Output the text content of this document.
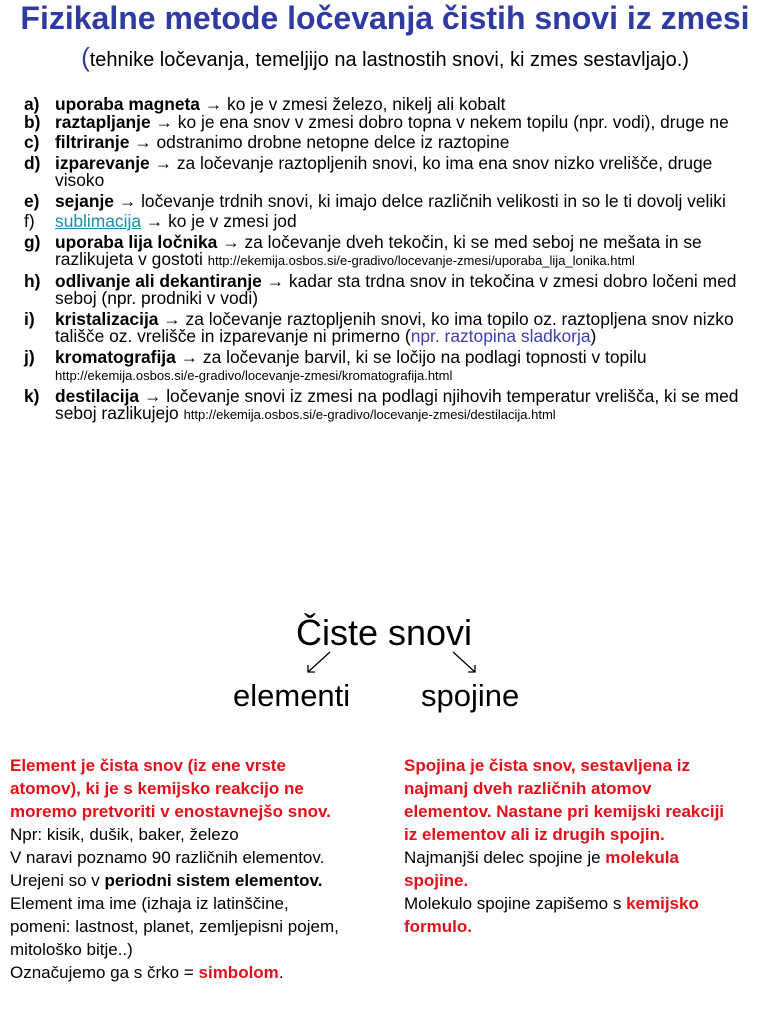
Fizikalne metode ločevanja čistih snovi iz zmesi (tehnike ločevanja, temeljijo na lastnostih snovi, ki zmes sestavljajo.)
a) uporaba magneta → ko je v zmesi železo, nikelj ali kobalt
b) raztapljanje → ko je ena snov v zmesi dobro topna v nekem topilu (npr. vodi), druge ne
c) filtriranje → odstranimo drobne netopne delce iz raztopine
d) izparevanje → za ločevanje raztopljenih snovi, ko ima ena snov nizko vrelišče, druge visoko
e) sejanje → ločevanje trdnih snovi, ki imajo delce različnih velikosti in so le ti dovolj veliki
f) sublimacija → ko je v zmesi jod
g) uporaba lija ločnika → za ločevanje dveh tekočin, ki se med seboj ne mešata in se razlikujeta v gostoti http://ekemija.osbos.si/e-gradivo/locevanje-zmesi/uporaba_lija_lonika.html
h) odlivanje ali dekantiranje → kadar sta trdna snov in tekočina v zmesi dobro ločeni med seboj (npr. prodniki v vodi)
i) kristalizacija → za ločevanje raztopljenih snovi, ko ima topilo oz. raztopljena snov nizko tališče oz. vrelišče in izparevanje ni primerno (npr. raztopina sladkorja)
j) kromatografija → za ločevanje barvil, ki se ločijo na podlagi topnosti v topilu http://ekemija.osbos.si/e-gradivo/locevanje-zmesi/kromatografija.html
k) destilacija → ločevanje snovi iz zmesi na podlagi njihovih temperatur vrelišča, ki se med seboj razlikujejo http://ekemija.osbos.si/e-gradivo/locevanje-zmesi/destilacija.html
Čiste snovi
elementi spojine
Element je čista snov (iz ene vrste atomov), ki je s kemijsko reakcijo ne moremo pretvoriti v enostavnejšo snov.
Npr: kisik, dušik, baker, železo
V naravi poznamo 90 različnih elementov. Urejeni so v periodni sistem elementov.
Element ima ime (izhaja iz latinščine, pomeni: lastnost, planet, zemljepisni pojem, mitološko bitje..)
Označujemo ga s črko = simbolom.
Spojina je čista snov, sestavljena iz najmanj dveh različnih atomov elementov. Nastane pri kemijski reakciji iz elementov ali iz drugih spojin.
Najmanjši delec spojine je molekula spojine.
Molekulo spojine zapišemo s kemijsko formulo.
